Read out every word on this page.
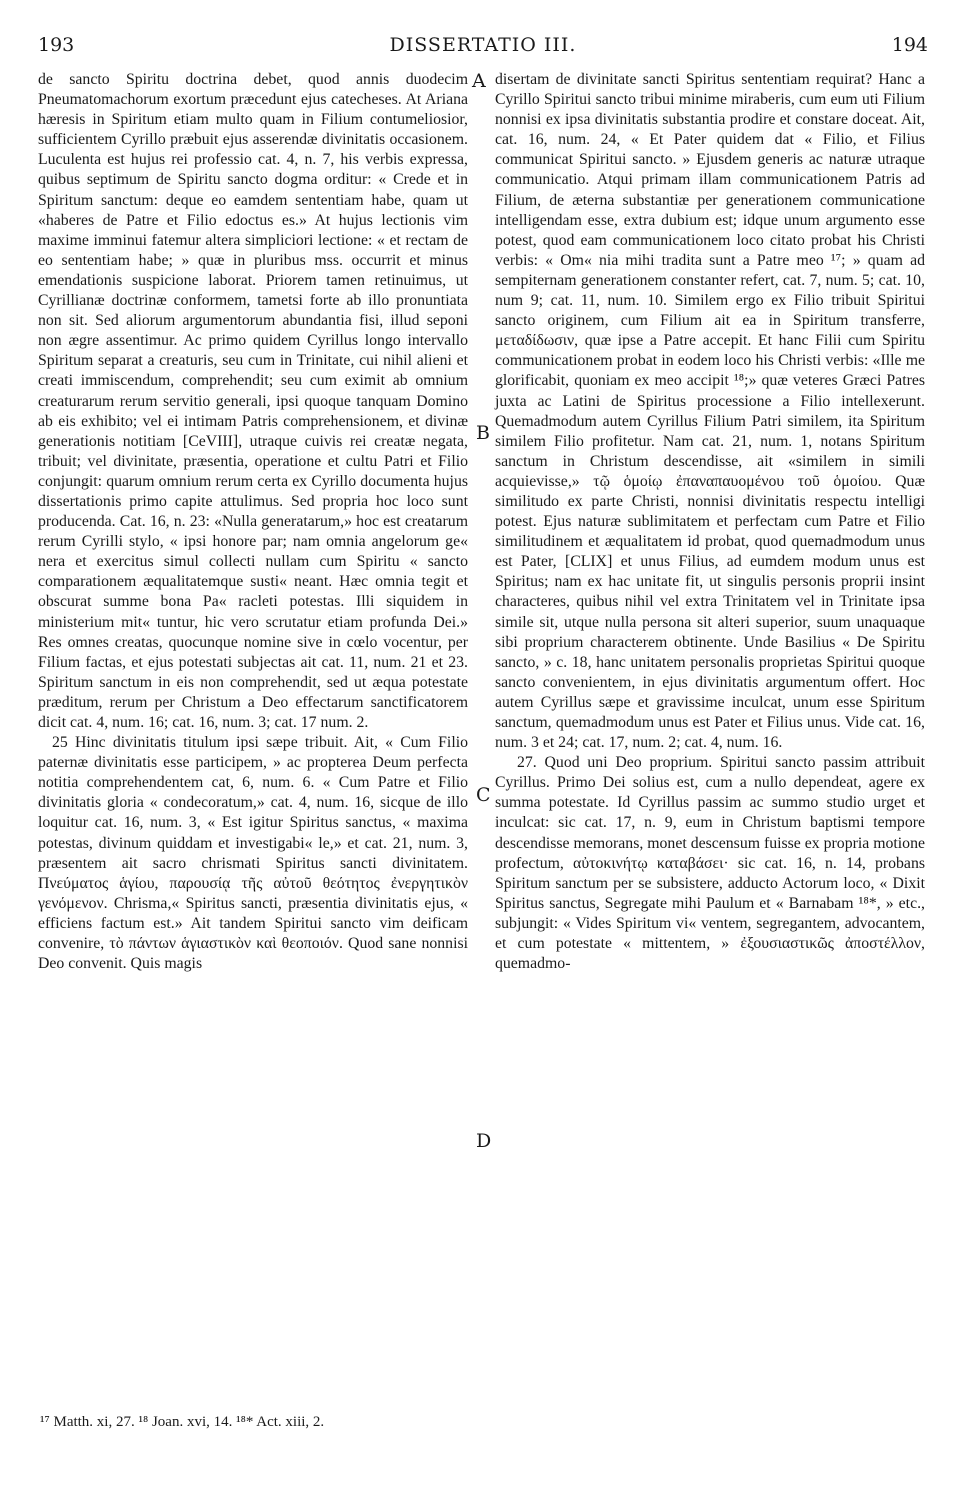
193	DISSERTATIO III.	194

de sancto Spiritu doctrina debet, quod annis duodecim Pneumatomachorum exortum præcedunt ejus catecheses. At Ariana hæresis in Spiritum etiam multo quam in Filium contumeliosior, sufficientem Cyrillo præbuit ejus asserendæ divinitatis occasionem. Luculenta est hujus rei professio cat. 4, n. 7, his verbis expressa, quibus septimum de Spiritu sancto dogma orditur: « Crede et in Spiritum sanctum: deque eo eamdem sententiam habe, quam ut «haberes de Patre et Filio edoctus es.» At hujus lectionis vim maxime imminui fatemur altera simpliciori lectione: « et rectam de eo sententiam habe; » quæ in pluribus mss. occurrit et minus emendationis suspicione laborat. Priorem tamen retinuimus, ut Cyrillianæ doctrinæ conformem, tametsi forte ab illo pronuntiata non sit. Sed aliorum argumentorum abundantia fisi, illud seponi non ægre assentimur. Ac primo quidem Cyrillus longo intervallo Spiritum separat a creaturis, seu cum in Trinitate, cui nihil alieni et creati immiscendum, comprehendit; seu cum eximit ab omnium creaturarum rerum servitio generali, ipsi quoque tanquam Domino ab eis exhibito; vel ei intimam Patris comprehensionem, et divinæ generationis notitiam [CeVIII], utraque cuivis rei creatæ negata, tribuit; vel divinitate, præsentia, operatione et cultu Patri et Filio conjungit: quarum omnium rerum certa ex Cyrillo documenta hujus dissertationis primo capite attulimus. Sed propria hoc loco sunt producenda. Cat. 16, n. 23: «Nulla generatarum,» hoc est creatarum rerum Cyrilli stylo, « ipsi honore par; nam omnia angelorum ge« nera et exercitus simul collecti nullam cum Spiritu « sancto comparationem æqualitatemque susti« neant. Hæc omnia tegit et obscurat summe bona Pa« racleti potestas. Illi siquidem in ministerium mit« tuntur, hic vero scrutatur etiam profunda Dei.» Res omnes creatas, quocunque nomine sive in cœlo vocentur, per Filium factas, et ejus potestati subjectas ait cat. 11, num. 21 et 23. Spiritum sanctum in eis non comprehendit, sed ut æqua potestate præditum, rerum per Christum a Deo effectarum sanctificatorem dicit cat. 4, num. 16; cat. 16, num. 3; cat. 17 num. 2.

25 Hinc divinitatis titulum ipsi sæpe tribuit. Ait, « Cum Filio paternæ divinitatis esse participem, » ac propterea Deum perfecta notitia comprehendentem cat, 6, num. 6. « Cum Patre et Filio divinitatis gloria « condecoratum,» cat. 4, num. 16, sicque de illo loquitur cat. 16, num. 3, « Est igitur Spiritus sanctus, « maxima potestas, divinum quiddam et investigabi« le,» et cat. 21, num. 3, præsentem ait sacro chrismati Spiritus sancti divinitatem. Πνεύματος ἁγίου, παρουσίᾳ τῆς αὐτοῦ θεότητος ἐνεργητικὸν γενόμενον. Chrisma,« Spiritus sancti, præsentia divinitatis ejus, « efficiens factum est.» Ait tandem Spiritui sancto vim deificam convenire, τὸ πάντων ἁγιαστικὸν καὶ θεοποιόν. Quod sane nonnisi Deo convenit. Quis magis

disertam de divinitate sancti Spiritus sententiam requirat? Hanc a Cyrillo Spiritui sancto tribui minime miraberis, cum eum uti Filium nonnisi ex ipsa divinitatis substantia prodire et constare doceat. Ait, cat. 16, num. 24, « Et Pater quidem dat « Filio, et Filius communicat Spiritui sancto. » Ejusdem generis ac naturæ utraque communicatio. Atqui primam illam communicationem Patris ad Filium, de æterna substantiæ per generationem communicatione intelligendam esse, extra dubium est; idque unum argumento esse potest, quod eam communicationem loco citato probat his Christi verbis: « Om« nia mihi tradita sunt a Patre meo ¹⁷; » quam ad sempiternam generationem constanter refert, cat. 7, num. 5; cat. 10, num 9; cat. 11, num. 10. Similem ergo ex Filio tribuit Spiritui sancto originem, cum Filium ait ea in Spiritum transferre, μεταδίδωσιν, quæ ipse a Patre accepit. Et hanc Filii cum Spiritu communicationem probat in eodem loco his Christi verbis: «Ille me glorificabit, quoniam ex meo accipit ¹⁸;» quæ veteres Græci Patres juxta ac Latini de Spiritus processione a Filio intellexerunt. Quemadmodum autem Cyrillus Filium Patri similem, ita Spiritum similem Filio profitetur. Nam cat. 21, num. 1, notans Spiritum sanctum in Christum descendisse, ait «similem in simili acquievisse,» τῷ ὁμοίῳ ἐπαναπαυομένου τοῦ ὁμοίου. Quæ similitudo ex parte Christi, nonnisi divinitatis respectu intelligi potest. Ejus naturæ sublimitatem et perfectam cum Patre et Filio similitudinem et æqualitatem id probat, quod quemadmodum unus est Pater, [CLIX] et unus Filius, ad eumdem modum unus est Spiritus; nam ex hac unitate fit, ut singulis personis proprii insint characteres, quibus nihil vel extra Trinitatem vel in Trinitate ipsa simile sit, utque nulla persona sit alteri superior, suum unaquaque sibi proprium characterem obtinente. Unde Basilius « De Spiritu sancto, » c. 18, hanc unitatem personalis proprietas Spiritui quoque sancto convenientem, in ejus divinitatis argumentum offert. Hoc autem Cyrillus sæpe et gravissime inculcat, unum esse Spiritum sanctum, quemadmodum unus est Pater et Filius unus. Vide cat. 16, num. 3 et 24; cat. 17, num. 2; cat. 4, num. 16.

27. Quod uni Deo proprium. Spiritui sancto passim attribuit Cyrillus. Primo Dei solius est, cum a nullo dependeat, agere ex summa potestate. Id Cyrillus passim ac summo studio urget et inculcat: sic cat. 17, n. 9, eum in Christum baptismi tempore descendisse memorans, monet descensum fuisse ex propria motione profectum, αὐτοκινήτῳ καταβάσει· sic cat. 16, n. 14, probans Spiritum sanctum per se subsistere, adducto Actorum loco, « Dixit Spiritus sanctus, Segregate mihi Paulum et « Barnabam ¹⁸*, » etc., subjungit: « Vides Spiritum vi« ventem, segregantem, advocantem, et cum potestate « mittentem, » ἐξουσιαστικῶς ἀποστέλλον, quemadmo-

A
B
C
D
¹⁷ Matth. xi, 27. ¹⁸ Joan. xvi, 14. ¹⁸* Act. xiii, 2.
